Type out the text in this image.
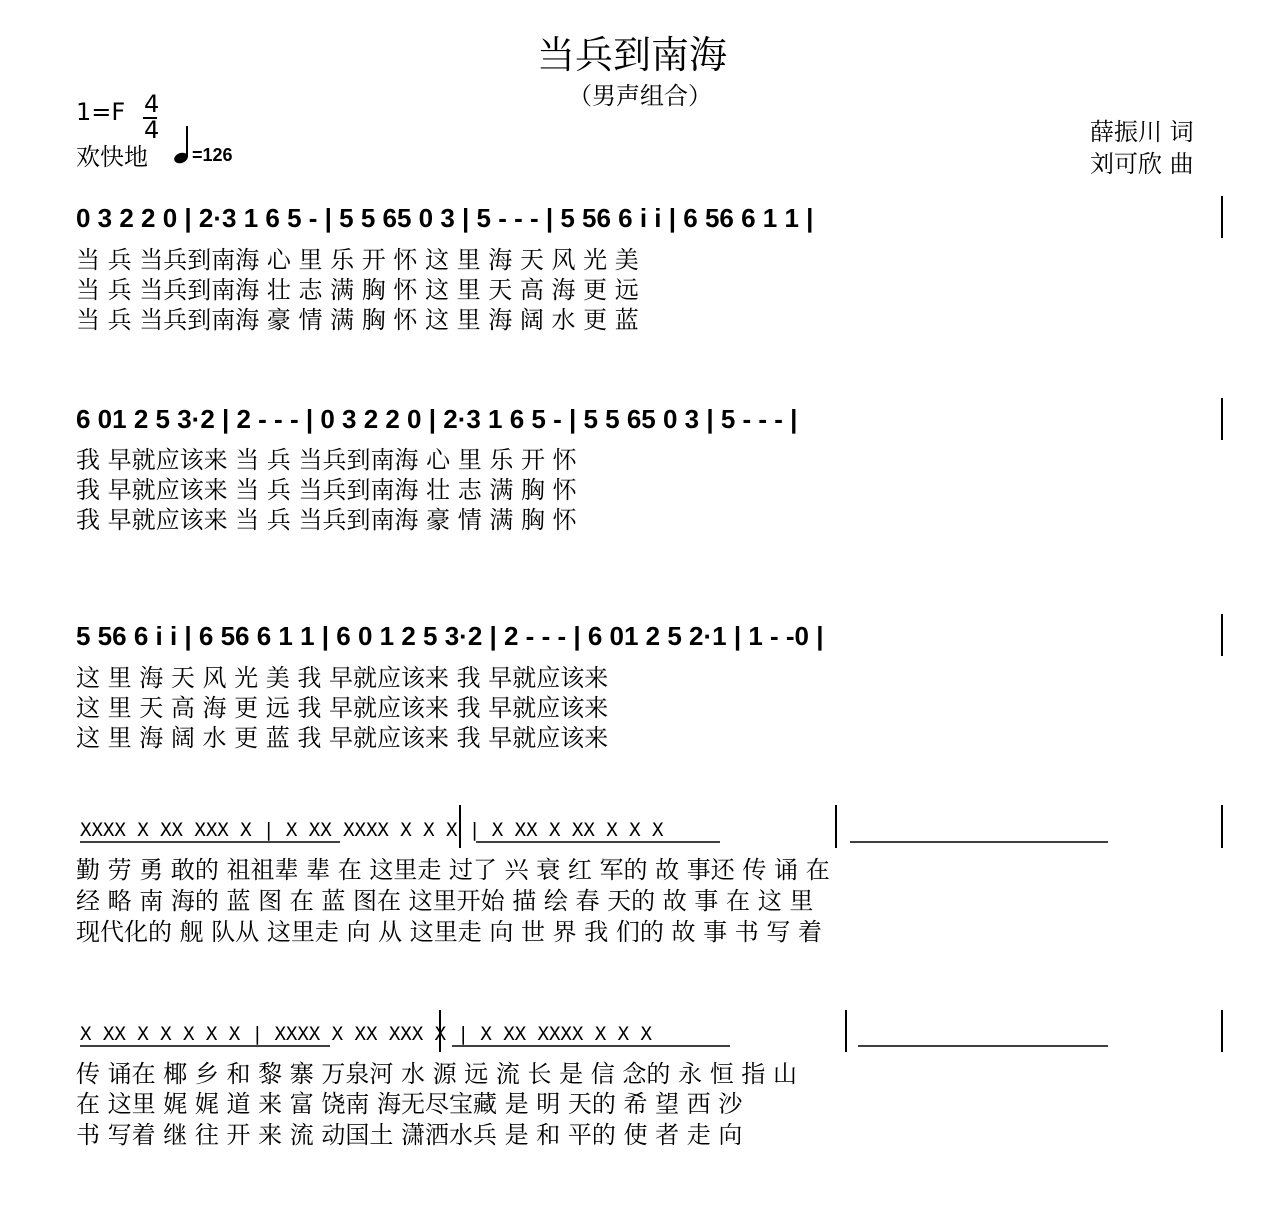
当兵到南海
（男声组合）
1=F 4
4
欢快地 =126
薛振川 词
刘可欣 曲
0 3 2 2 0 | 2·3 1 6 5 - | 5 5 65 0 3 | 5 - - - | 5 56 6 i i | 6 56 6 1 1 |
当 兵 当兵到南海 心 里 乐 开 怀 这 里 海 天 风 光 美
当 兵 当兵到南海 壮 志 满 胸 怀 这 里 天 高 海 更 远
当 兵 当兵到南海 豪 情 满 胸 怀 这 里 海 阔 水 更 蓝
6 01 2 5 3·2 | 2 - - - | 0 3 2 2 0 | 2·3 1 6 5 - | 5 5 65 0 3 | 5 - - - |
我 早就应该来 当 兵 当兵到南海 心 里 乐 开 怀
我 早就应该来 当 兵 当兵到南海 壮 志 满 胸 怀
我 早就应该来 当 兵 当兵到南海 豪 情 满 胸 怀
5 56 6 i i | 6 56 6 1 1 | 6 0 1 2 5 3·2 | 2 - - - | 6 01 2 5 2·1 | 1 - -0 |
这 里 海 天 风 光 美 我 早就应该来 我 早就应该来
这 里 天 高 海 更 远 我 早就应该来 我 早就应该来
这 里 海 阔 水 更 蓝 我 早就应该来 我 早就应该来
XXXX X XX XXX X | X XX XXXX X X X | X XX X XX X X X
勤 劳 勇 敢的 祖祖辈 辈 在 这里走 过了 兴 衰 红 军的 故 事还 传 诵 在
经 略 南 海的 蓝 图 在 蓝 图在 这里开始 描 绘 春 天的 故 事 在 这 里
现代化的 舰 队从 这里走 向 从 这里走 向 世 界 我 们的 故 事 书 写 着
X XX X X X X X | XXXX X XX XXX X | X XX XXXX X X X
传 诵在 椰 乡 和 黎 寨 万泉河 水 源 远 流 长 是 信 念的 永 恒 指 山
在 这里 娓 娓 道 来 富 饶南 海无尽宝藏 是 明 天的 希 望 西 沙
书 写着 继 往 开 来 流 动国土 潇洒水兵 是 和 平的 使 者 走 向
